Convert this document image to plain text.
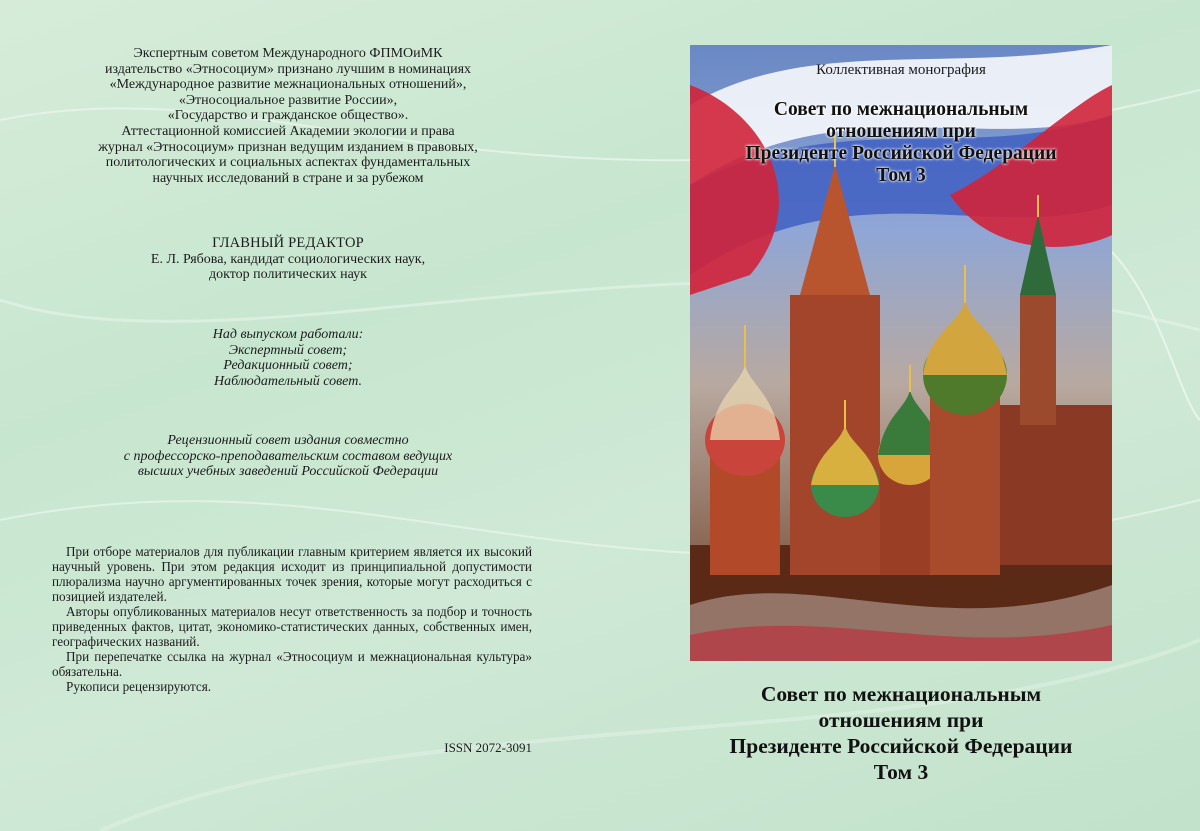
Экспертным советом Международного ФПМОиМК

издательство «Этносоциум» признано лучшим в номинациях

«Международное развитие межнациональных отношений»,

«Этносоциальное развитие России»,

«Государство и гражданское общество».

Аттестационной комиссией Академии экологии и права

журнал «Этносоциум» признан ведущим изданием в правовых,

политологических и социальных аспектах фундаментальных

научных исследований в стране и за рубежом

ГЛАВНЫЙ РЕДАКТОР

Е. Л. Рябова, кандидат социологических наук,

доктор политических наук

Над выпуском работали:

Экспертный совет;

Редакционный совет;

Наблюдательный совет.

Рецензионный совет издания совместно

с профессорско-преподавательским составом ведущих

высших учебных заведений Российской Федерации

При отборе материалов для публикации главным критерием является их высокий научный уровень. При этом редакция исходит из принципиальной допустимости плюрализма научно аргументированных точек зрения, которые могут расходиться с позицией издателей.

Авторы опубликованных материалов несут ответственность за подбор и точность приведенных фактов, цитат, экономико-статистических данных, собственных имен, географических названий.

При перепечатке ссылка на журнал «Этносоциум и межнациональная культура» обязательна.

Рукописи рецензируются.

ISSN 2072-3091
Коллективная монография
Совет по межнациональным
отношениям при
Президенте Российской Федерации
Том 3
Совет по межнациональным
отношениям при
Президенте Российской Федерации
Том 3
